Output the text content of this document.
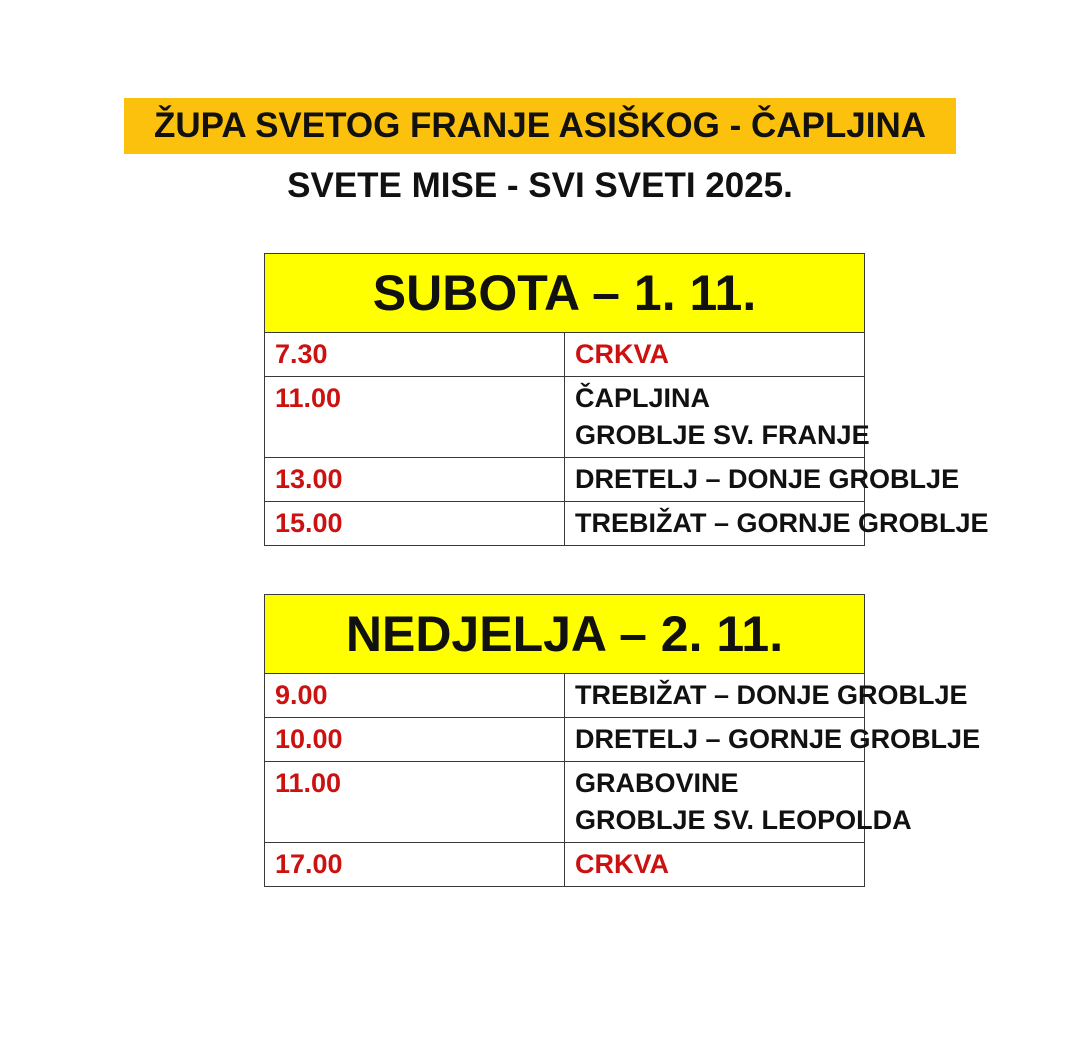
ŽUPA SVETOG FRANJE ASIŠKOG - ČAPLJINA
SVETE MISE - SVI SVETI 2025.
SUBOTA – 1. 11.	
7.30	CRKVA

11.00	ČAPLJINA
GROBLJE SV. FRANJE

13.00	DRETELJ – DONJE GROBLJE

15.00	TREBIŽAT – GORNJE GROBLJE
NEDJELJA – 2. 11.	
9.00	TREBIŽAT – DONJE GROBLJE

10.00	DRETELJ – GORNJE GROBLJE

11.00	GRABOVINE
GROBLJE SV. LEOPOLDA

17.00	CRKVA
